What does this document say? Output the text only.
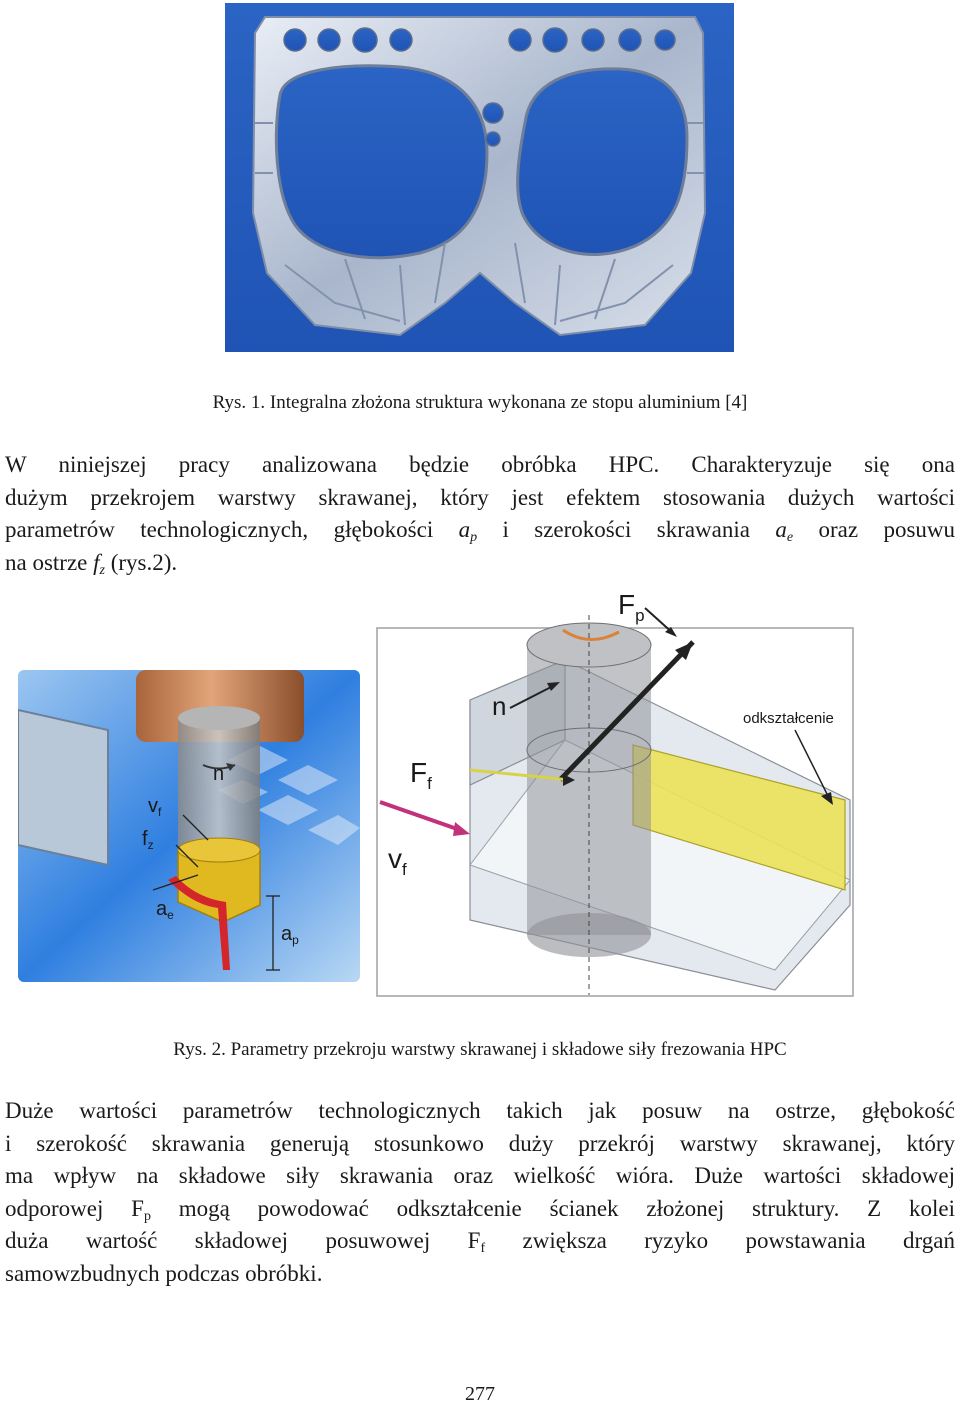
Rys. 1. Integralna złożona struktura wykonana ze stopu aluminium [4]
W niniejszej pracy analizowana będzie obróbka HPC. Charakteryzuje się ona
dużym przekrojem warstwy skrawanej, który jest efektem stosowania dużych wartości
parametrów technologicznych, głębokości $a_p$ i szerokości skrawania $a_e$ oraz posuwu
na ostrze $f_z$ (rys.2).
n
$v_f$
$f_z$
$a_e$
$a_p$
$F_p$
n	odkształcenie
$F_f$
$v_f$
Rys. 2. Parametry przekroju warstwy skrawanej i składowe siły frezowania HPC
Duże wartości parametrów technologicznych takich jak posuw na ostrze, głębokość
i szerokość skrawania generują stosunkowo duży przekrój warstwy skrawanej, który
ma wpływ na składowe siły skrawania oraz wielkość wióra. Duże wartości składowej
odporowej $F_p$ mogą powodować odkształcenie ścianek złożonej struktury. Z kolei
duża wartość składowej posuwowej $F_f$ zwiększa ryzyko powstawania drgań
samowzbudnych podczas obróbki.
277
